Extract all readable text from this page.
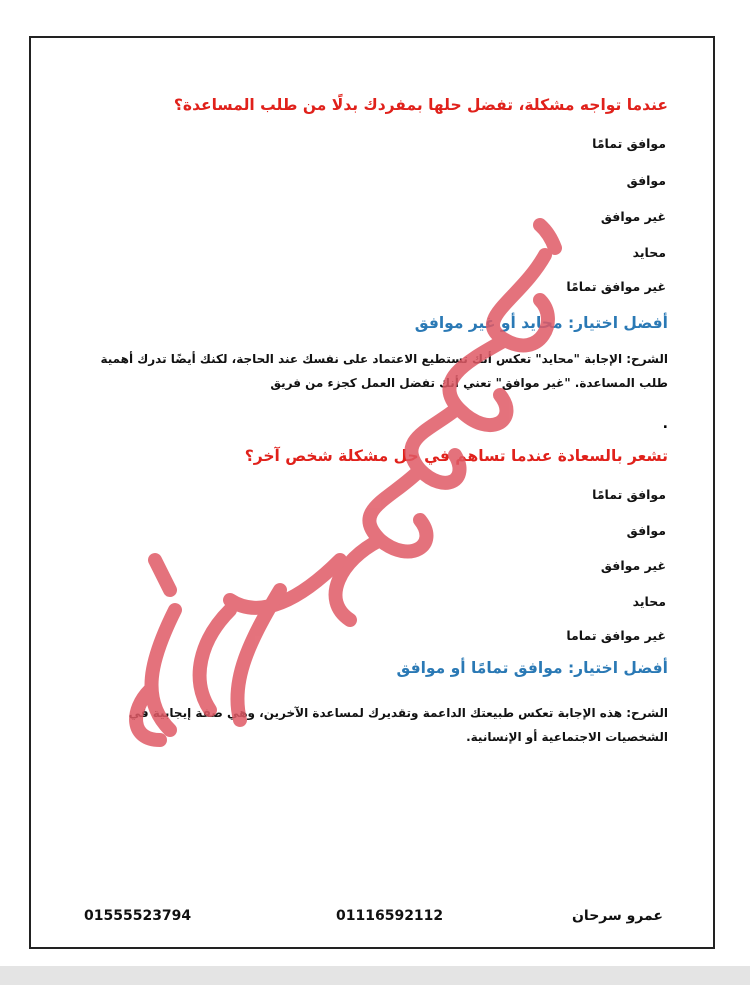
عندما تواجه مشكلة، تفضل حلها بمفردك بدلًا من طلب المساعدة؟
موافق تمامًا
موافق
غير موافق
محايد
غير موافق تمامًا
أفضل اختيار: محايد أو غير موافق
الشرح: الإجابة "محايد" تعكس أنك تستطيع الاعتماد على نفسك عند الحاجة، لكنك أيضًا تدرك أهمية طلب المساعدة. "غير موافق" تعني أنك تفضل العمل كجزء من فريق
.
تشعر بالسعادة عندما تساهم في حل مشكلة شخص آخر؟
موافق تمامًا
موافق
غير موافق
محايد
غير موافق تماما
أفضل اختيار: موافق تمامًا أو موافق
الشرح: هذه الإجابة تعكس طبيعتك الداعمة وتقديرك لمساعدة الآخرين، وهي صفة إيجابية في الشخصيات الاجتماعية أو الإنسانية.
عمرو سرحان
01116592112
01555523794
